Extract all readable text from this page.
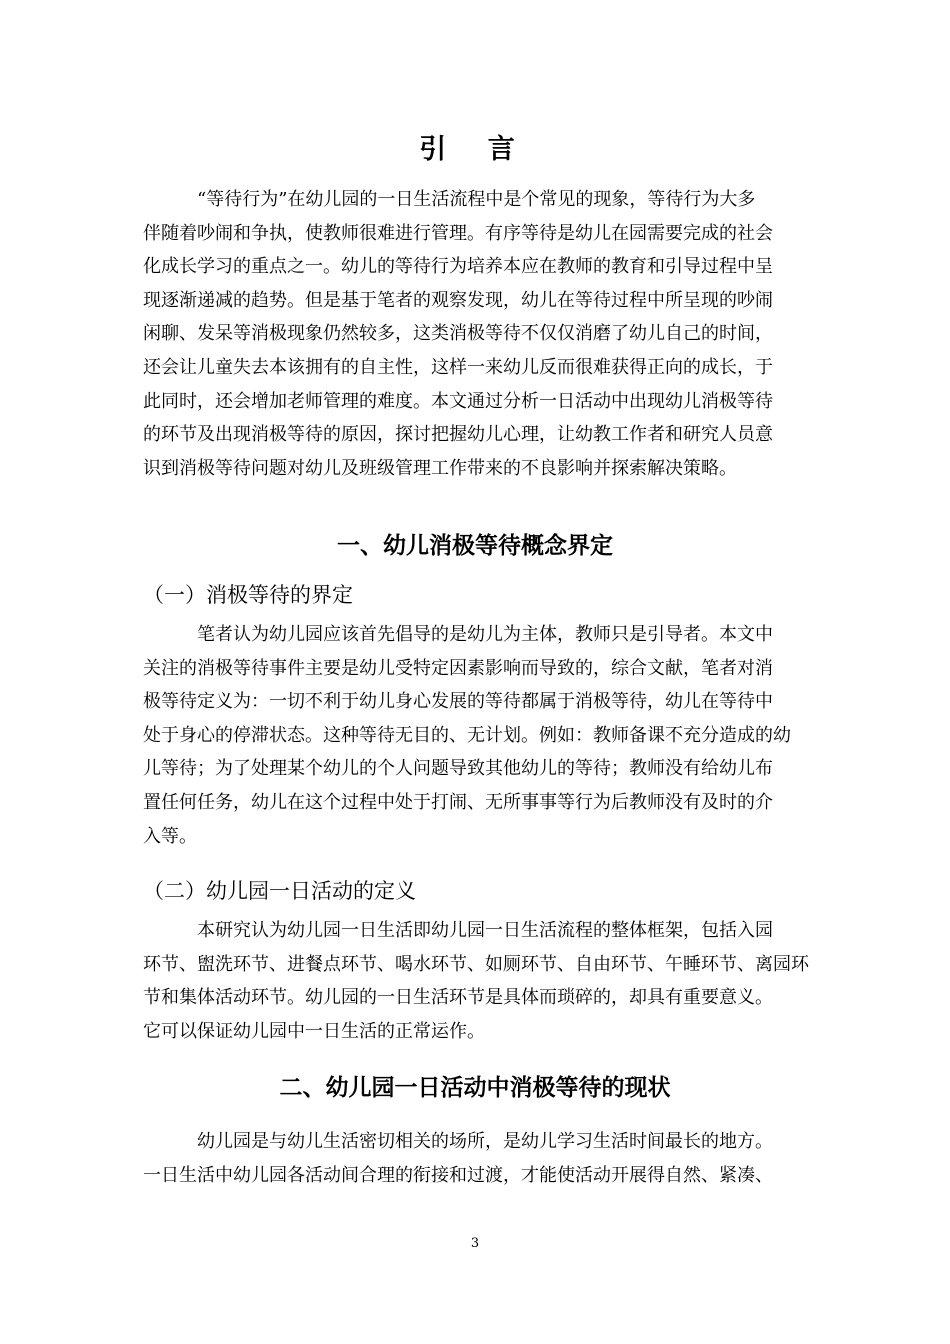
引 言
“等待行为”在幼儿园的一日生活流程中是个常见的现象，等待行为大多
伴随着吵闹和争执，使教师很难进行管理。有序等待是幼儿在园需要完成的社会
化成长学习的重点之一。幼儿的等待行为培养本应在教师的教育和引导过程中呈
现逐渐递减的趋势。但是基于笔者的观察发现，幼儿在等待过程中所呈现的吵闹
闲聊、发呆等消极现象仍然较多，这类消极等待不仅仅消磨了幼儿自己的时间，
还会让儿童失去本该拥有的自主性，这样一来幼儿反而很难获得正向的成长，于
此同时，还会增加老师管理的难度。本文通过分析一日活动中出现幼儿消极等待
的环节及出现消极等待的原因，探讨把握幼儿心理，让幼教工作者和研究人员意
识到消极等待问题对幼儿及班级管理工作带来的不良影响并探索解决策略。
一、幼儿消极等待概念界定
（一）消极等待的界定
笔者认为幼儿园应该首先倡导的是幼儿为主体，教师只是引导者。本文中
关注的消极等待事件主要是幼儿受特定因素影响而导致的，综合文献，笔者对消
极等待定义为：一切不利于幼儿身心发展的等待都属于消极等待，幼儿在等待中
处于身心的停滞状态。这种等待无目的、无计划。例如：教师备课不充分造成的幼
儿等待；为了处理某个幼儿的个人问题导致其他幼儿的等待；教师没有给幼儿布
置任何任务，幼儿在这个过程中处于打闹、无所事事等行为后教师没有及时的介
入等。
（二）幼儿园一日活动的定义
本研究认为幼儿园一日生活即幼儿园一日生活流程的整体框架，包括入园
环节、盥洗环节、进餐点环节、喝水环节、如厕环节、自由环节、午睡环节、离园环
节和集体活动环节。幼儿园的一日生活环节是具体而琐碎的，却具有重要意义。
它可以保证幼儿园中一日生活的正常运作。
二、幼儿园一日活动中消极等待的现状
幼儿园是与幼儿生活密切相关的场所，是幼儿学习生活时间最长的地方。
一日生活中幼儿园各活动间合理的衔接和过渡，才能使活动开展得自然、紧凑、
3
